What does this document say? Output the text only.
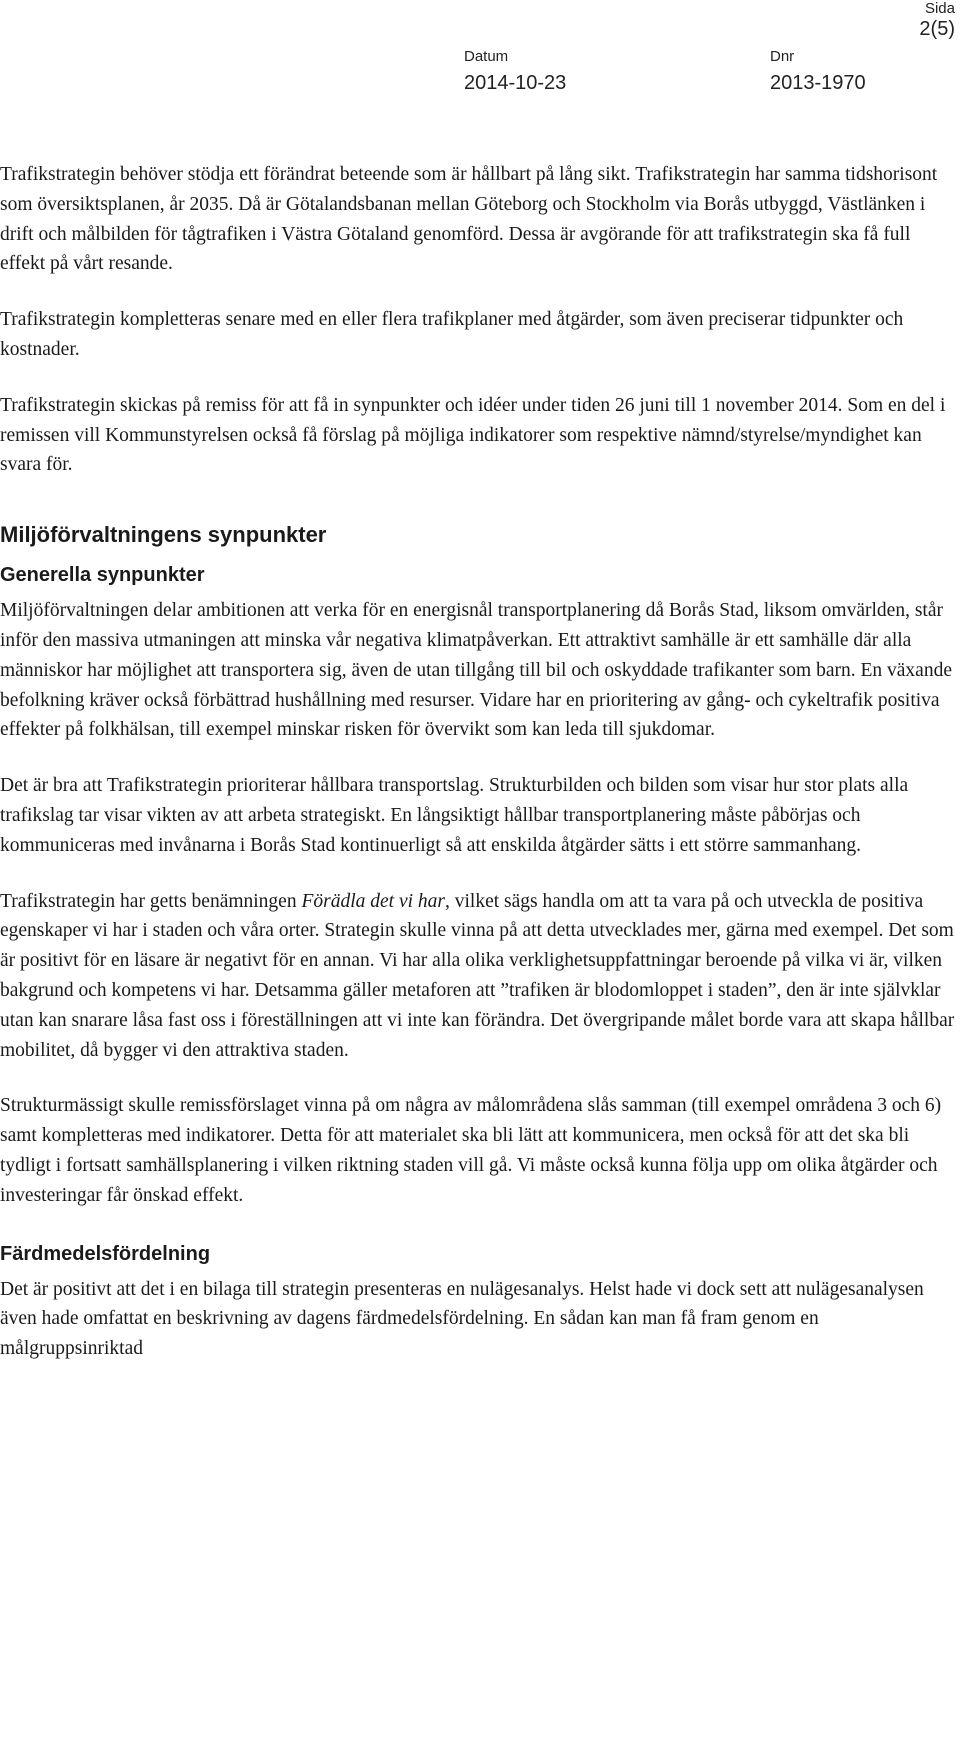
Sida
2(5)
Datum
2014-10-23
Dnr
2013-1970

Trafikstrategin behöver stödja ett förändrat beteende som är hållbart på lång sikt. Trafikstrategin har samma tidshorisont som översiktsplanen, år 2035. Då är Götalandsbanan mellan Göteborg och Stockholm via Borås utbyggd, Västlänken i drift och målbilden för tågtrafiken i Västra Götaland genomförd. Dessa är avgörande för att trafikstrategin ska få full effekt på vårt resande.

Trafikstrategin kompletteras senare med en eller flera trafikplaner med åtgärder, som även preciserar tidpunkter och kostnader.

Trafikstrategin skickas på remiss för att få in synpunkter och idéer under tiden 26 juni till 1 november 2014. Som en del i remissen vill Kommunstyrelsen också få förslag på möjliga indikatorer som respektive nämnd/styrelse/myndighet kan svara för.

Miljöförvaltningens synpunkter
Generella synpunkter

Miljöförvaltningen delar ambitionen att verka för en energisnål transportplanering då Borås Stad, liksom omvärlden, står inför den massiva utmaningen att minska vår negativa klimatpåverkan. Ett attraktivt samhälle är ett samhälle där alla människor har möjlighet att transportera sig, även de utan tillgång till bil och oskyddade trafikanter som barn. En växande befolkning kräver också förbättrad hushållning med resurser. Vidare har en prioritering av gång- och cykeltrafik positiva effekter på folkhälsan, till exempel minskar risken för övervikt som kan leda till sjukdomar.

Det är bra att Trafikstrategin prioriterar hållbara transportslag. Strukturbilden och bilden som visar hur stor plats alla trafikslag tar visar vikten av att arbeta strategiskt. En långsiktigt hållbar transportplanering måste påbörjas och kommuniceras med invånarna i Borås Stad kontinuerligt så att enskilda åtgärder sätts i ett större sammanhang.

Trafikstrategin har getts benämningen Förädla det vi har, vilket sägs handla om att ta vara på och utveckla de positiva egenskaper vi har i staden och våra orter. Strategin skulle vinna på att detta utvecklades mer, gärna med exempel. Det som är positivt för en läsare är negativt för en annan. Vi har alla olika verklighetsuppfattningar beroende på vilka vi är, vilken bakgrund och kompetens vi har. Detsamma gäller metaforen att ”trafiken är blodomloppet i staden”, den är inte självklar utan kan snarare låsa fast oss i föreställningen att vi inte kan förändra. Det övergripande målet borde vara att skapa hållbar mobilitet, då bygger vi den attraktiva staden.

Strukturmässigt skulle remissförslaget vinna på om några av målområdena slås samman (till exempel områdena 3 och 6) samt kompletteras med indikatorer. Detta för att materialet ska bli lätt att kommunicera, men också för att det ska bli tydligt i fortsatt samhällsplanering i vilken riktning staden vill gå. Vi måste också kunna följa upp om olika åtgärder och investeringar får önskad effekt.

Färdmedelsfördelning

Det är positivt att det i en bilaga till strategin presenteras en nulägesanalys. Helst hade vi dock sett att nulägesanalysen även hade omfattat en beskrivning av dagens färdmedelsfördelning. En sådan kan man få fram genom en målgruppsinriktad
